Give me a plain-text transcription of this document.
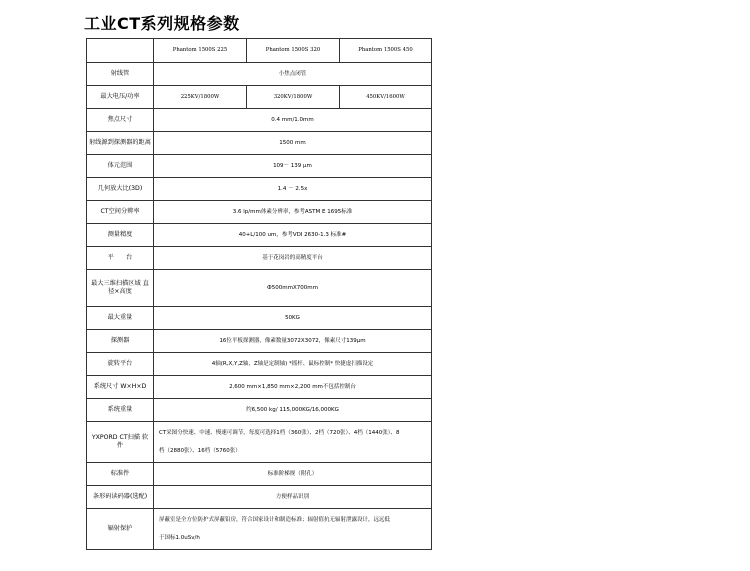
工业CT系列规格参数
	Phantom 1500S 225	Phantom 1500S 320	Phantom 1500S 450
射线管	小焦点闭管		
最大电压/功率	225KV/1800W	320KV/1800W	450KV/1600W
焦点尺寸	0.4 mm/1.0mm		
射线源到探测器的距离	1500 mm		
体元范围	109－ 139 μm		
几何放大比(3D)	1.4 － 2.5x		
CT空间分辨率	3.6 lp/mm体素分辨率，参考ASTM E 1695标准		
测量精度	40+L/100 um，参考VDI 2630-1.3 标准#		
平　　台	基于花岗岩的高精度平台		
最大三维扫描区域 直径×高度	Ф500mmX700mm		
最大重量	50KG		
探测器	16位平板探测器，像素数量3072X3072，像素尺寸139μm		
旋转平台	4轴(R,X,Y,Z轴，Z轴是定制轴) *摇杆、鼠标控制* 快捷虚扫描设定		
系统尺寸 W×H×D	2,600 mm×1,850 mm×2,200 mm不包括控制台		
系统重量	约6,500 kg/ 115,000KG/16,000KG		
YXPORD CT扫描 软件	CT采图分快速、中速、慢速可调节，每度可选择1档（360张）、2档（720张）、4档（1440张）、8

档（2880张）、16档（5760张）		

标准件	标准阶梯规（附孔）		
条形码读码器(选配)	方便样品识别		
辐射保护	屏蔽室是全方位防护式屏蔽铅房，符合国家设计和制造标准；辐射值抗无辐射泄露设计，远远低

于国标1.0uSv/h		
